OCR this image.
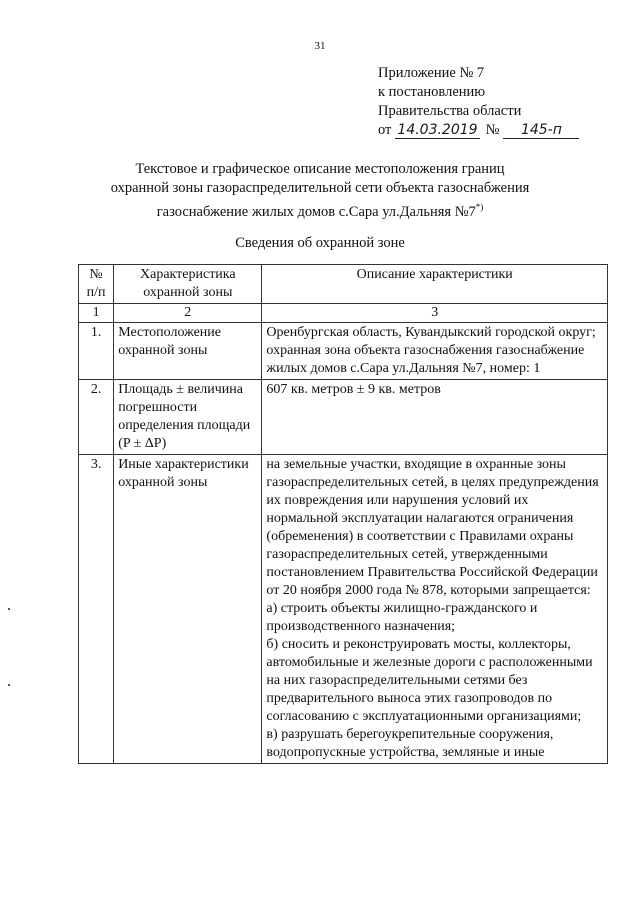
31
Приложение № 7
к постановлению
Правительства области
от 14.03.2019 № 145-п
Текстовое и графическое описание местоположения границ
охранной зоны газораспределительной сети объекта газоснабжения
газоснабжение жилых домов с.Сара ул.Дальняя №7*)
Сведения об охранной зоне
№ п/п	Характеристика охранной зоны	Описание характеристики
1	2	3
1.	Местоположение охранной зоны	Оренбургская область, Кувандыкский городской округ; охранная зона объекта газоснабжения газоснабжение жилых домов с.Сара ул.Дальняя №7, номер: 1
2.	Площадь ± величина погрешности определения площади (P ± ΔP)	607 кв. метров ± 9 кв. метров
3.	Иные характеристики охранной зоны	на земельные участки, входящие в охранные зоны газораспределительных сетей, в целях предупреждения их повреждения или нарушения условий их нормальной эксплуатации налагаются ограничения (обременения) в соответствии с Правилами охраны газораспределительных сетей, утвержденными постановлением Правительства Российской Федерации
от 20 ноября 2000 года № 878, которыми запрещается:
а) строить объекты жилищно-гражданского и производственного назначения;
б) сносить и реконструировать мосты, коллекторы, автомобильные и железные дороги с расположенными на них газораспределительными сетями без предварительного выноса этих газопроводов по согласованию с эксплуатационными организациями;
в) разрушать берегоукрепительные сооружения, водопропускные устройства, земляные и иные
